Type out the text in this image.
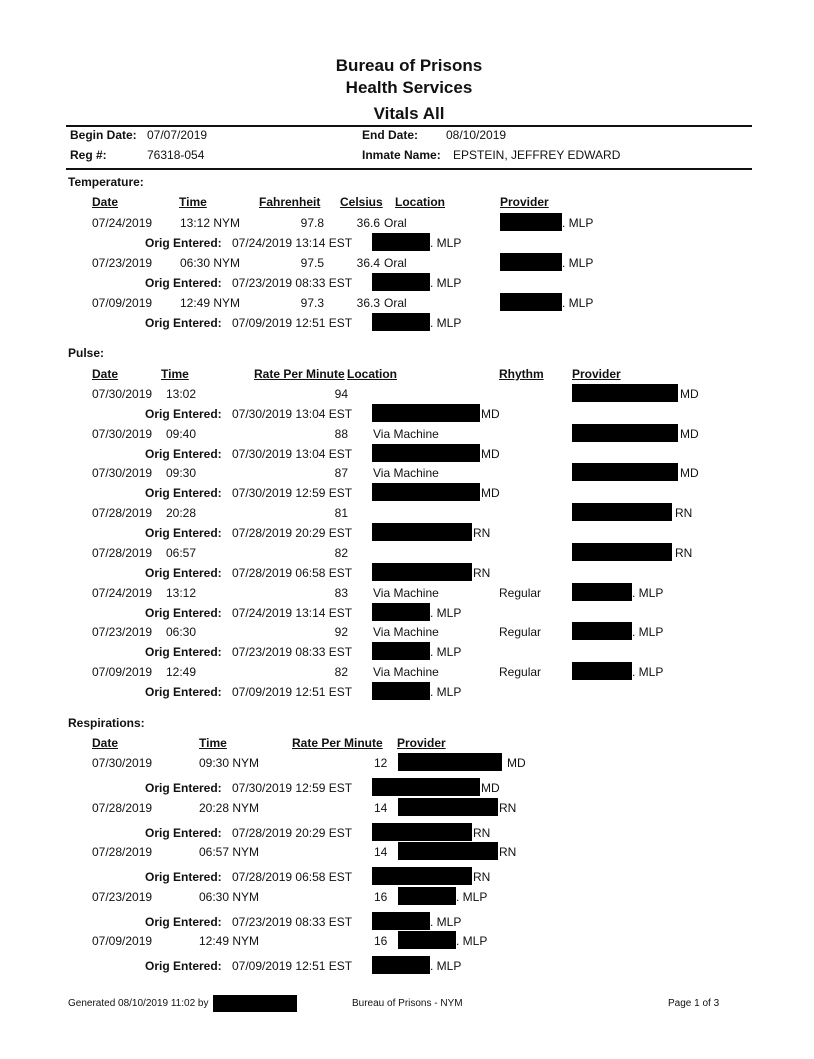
Bureau of Prisons
Health Services
Vitals All
Begin Date: 07/07/2019	End Date: 08/10/2019
Reg #:	76318-054	Inmate Name: EPSTEIN, JEFFREY EDWARD
Temperature:
Date	Time	Fahrenheit Celsius Location	Provider
07/24/2019 13:12 NYM	97.8	36.6 Oral	. MLP
Orig Entered: 07/24/2019 13:14 EST	. MLP
07/23/2019 06:30 NYM	97.5	36.4 Oral	. MLP
Orig Entered: 07/23/2019 08:33 EST	. MLP
07/09/2019 12:49 NYM	97.3	36.3 Oral	. MLP
Orig Entered: 07/09/2019 12:51 EST	. MLP
Pulse:
Date	Time	Rate Per Minute Location	Rhythm Provider
07/30/2019 13:02	94	MD
Orig Entered: 07/30/2019 13:04 EST	MD
07/30/2019 09:40	88 Via Machine	MD
Orig Entered: 07/30/2019 13:04 EST	MD
07/30/2019 09:30	87 Via Machine	MD
Orig Entered: 07/30/2019 12:59 EST	MD
07/28/2019 20:28	81	RN
Orig Entered: 07/28/2019 20:29 EST	RN
07/28/2019 06:57	82	RN
Orig Entered: 07/28/2019 06:58 EST	RN
07/24/2019 13:12	83 Via Machine	Regular	. MLP
Orig Entered: 07/24/2019 13:14 EST	. MLP
07/23/2019 06:30	92 Via Machine	Regular	. MLP
Orig Entered: 07/23/2019 08:33 EST	. MLP
07/09/2019 12:49	82 Via Machine	Regular	. MLP
Orig Entered: 07/09/2019 12:51 EST	. MLP
Respirations:
Date	Time	Rate Per Minute Provider
07/30/2019	09:30 NYM	12	MD
Orig Entered: 07/30/2019 12:59 EST	MD
07/28/2019	20:28 NYM	14	RN
Orig Entered: 07/28/2019 20:29 EST	RN
07/28/2019	06:57 NYM	14	RN
Orig Entered: 07/28/2019 06:58 EST	RN
07/23/2019	06:30 NYM	16	. MLP
Orig Entered: 07/23/2019 08:33 EST	. MLP
07/09/2019	12:49 NYM	16	. MLP
Orig Entered: 07/09/2019 12:51 EST	. MLP
Generated 08/10/2019 11:02 by	Bureau of Prisons - NYM	Page 1 of 3
